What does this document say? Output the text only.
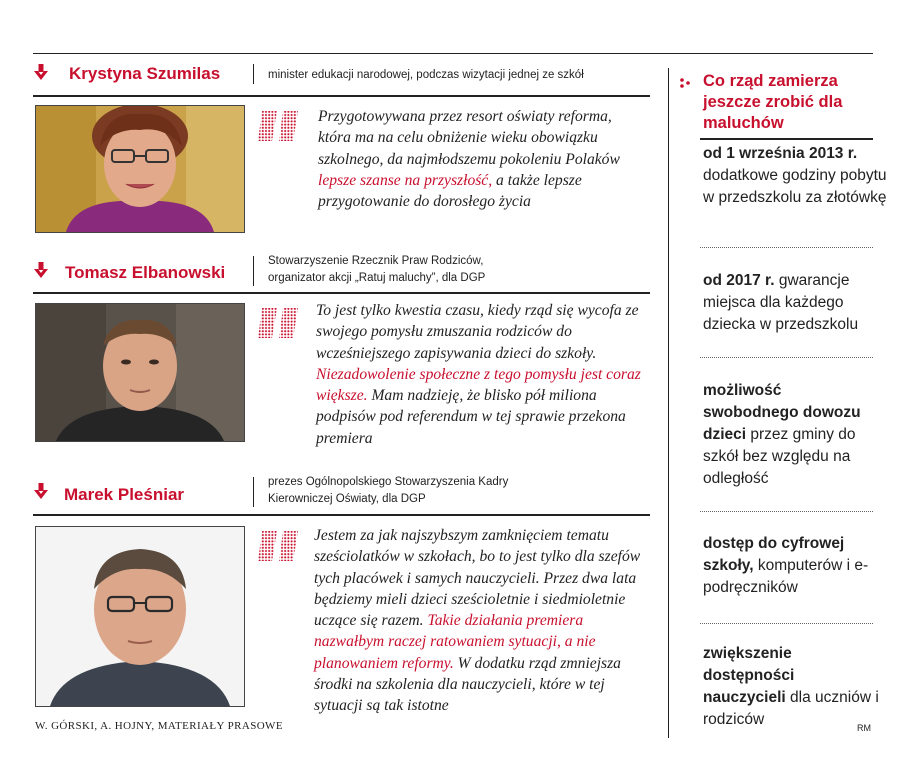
Krystyna Szumilas	minister edukacji narodowej, podczas wizytacji jednej ze szkół
Przygotowywana przez resort oświaty reforma, która ma na celu obniżenie wieku obowiązku szkolnego, da najmłodszemu pokoleniu Polaków lepsze szanse na przyszłość, a także lepsze przygotowanie do dorosłego życia
Tomasz Elbanowski
Stowarzyszenie Rzecznik Praw Rodziców, organizator akcji „Ratuj maluchy”, dla DGP
To jest tylko kwestia czasu, kiedy rząd się wycofa ze swojego pomysłu zmuszania rodziców do wcześniejszego zapisywania dzieci do szkoły. Niezadowolenie społeczne z tego pomysłu jest coraz większe. Mam nadzieję, że blisko pół miliona podpisów pod referendum w tej sprawie przekona premiera
Marek Pleśniar
prezes Ogólnopolskiego Stowarzyszenia Kadry Kierowniczej Oświaty, dla DGP
Jestem za jak najszybszym zamknięciem tematu sześciolatków w szkołach, bo to jest tylko dla szefów tych placówek i samych nauczycieli. Przez dwa lata będziemy mieli dzieci sześcioletnie i siedmioletnie uczące się razem. Takie działania premiera nazwałbym raczej ratowaniem sytuacji, a nie planowaniem reformy. W dodatku rząd zmniejsza środki na szkolenia dla nauczycieli, które w tej sytuacji są tak istotne
Co rząd zamierza jeszcze zrobić dla maluchów
od 1 września 2013 r. dodatkowe godziny pobytu w przedszkolu za złotówkę
od 2017 r. gwarancje miejsca dla każdego dziecka w przedszkolu
możliwość swobodnego dowozu dzieci przez gminy do szkół bez względu na odległość
dostęp do cyfrowej szkoły, komputerów i e-podręczników
zwiększenie dostępności nauczycieli dla uczniów i rodziców
W. GÓRSKI, A. HOJNY, MATERIAŁY PRASOWE	RM
